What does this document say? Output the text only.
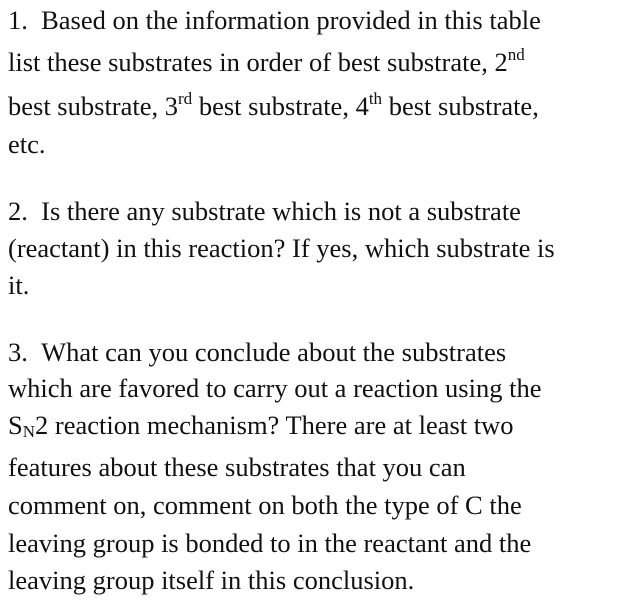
1. Based on the information provided in this table
list these substrates in order of best substrate, 2nd
best substrate, 3rd best substrate, 4th best substrate,
etc.
2. Is there any substrate which is not a substrate
(reactant) in this reaction? If yes, which substrate is
it.
3. What can you conclude about the substrates
which are favored to carry out a reaction using the
$S_N2$ reaction mechanism? There are at least two
features about these substrates that you can
comment on, comment on both the type of C the
leaving group is bonded to in the reactant and the
leaving group itself in this conclusion.
